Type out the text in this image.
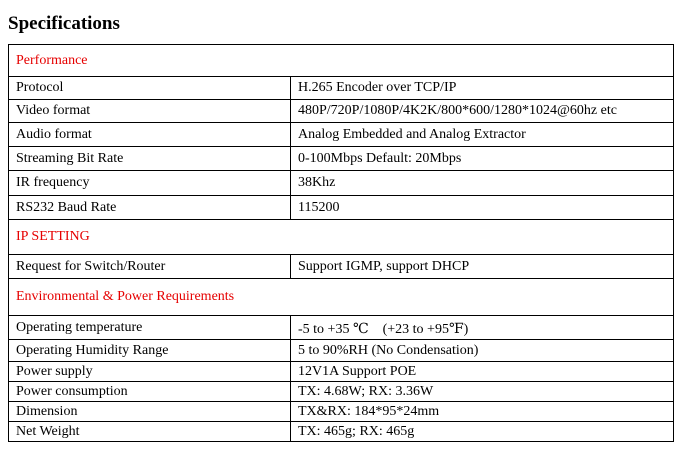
Specifications
Performance	
Protocol	H.265 Encoder over TCP/IP
Video format	480P/720P/1080P/4K2K/800*600/1280*1024@60hz etc
Audio format	Analog Embedded and Analog Extractor
Streaming Bit Rate	0-100Mbps Default: 20Mbps
IR frequency	38Khz
RS232 Baud Rate	115200
IP SETTING	
Request for Switch/Router	Support IGMP, support DHCP
Environmental & Power Requirements	
Operating temperature	-5 to +35 ℃　(+23 to +95℉)
Operating Humidity Range	5 to 90%RH (No Condensation)
Power supply	12V1A Support POE
Power consumption	TX: 4.68W; RX: 3.36W
Dimension	TX&RX: 184*95*24mm
Net Weight	TX: 465g; RX: 465g
